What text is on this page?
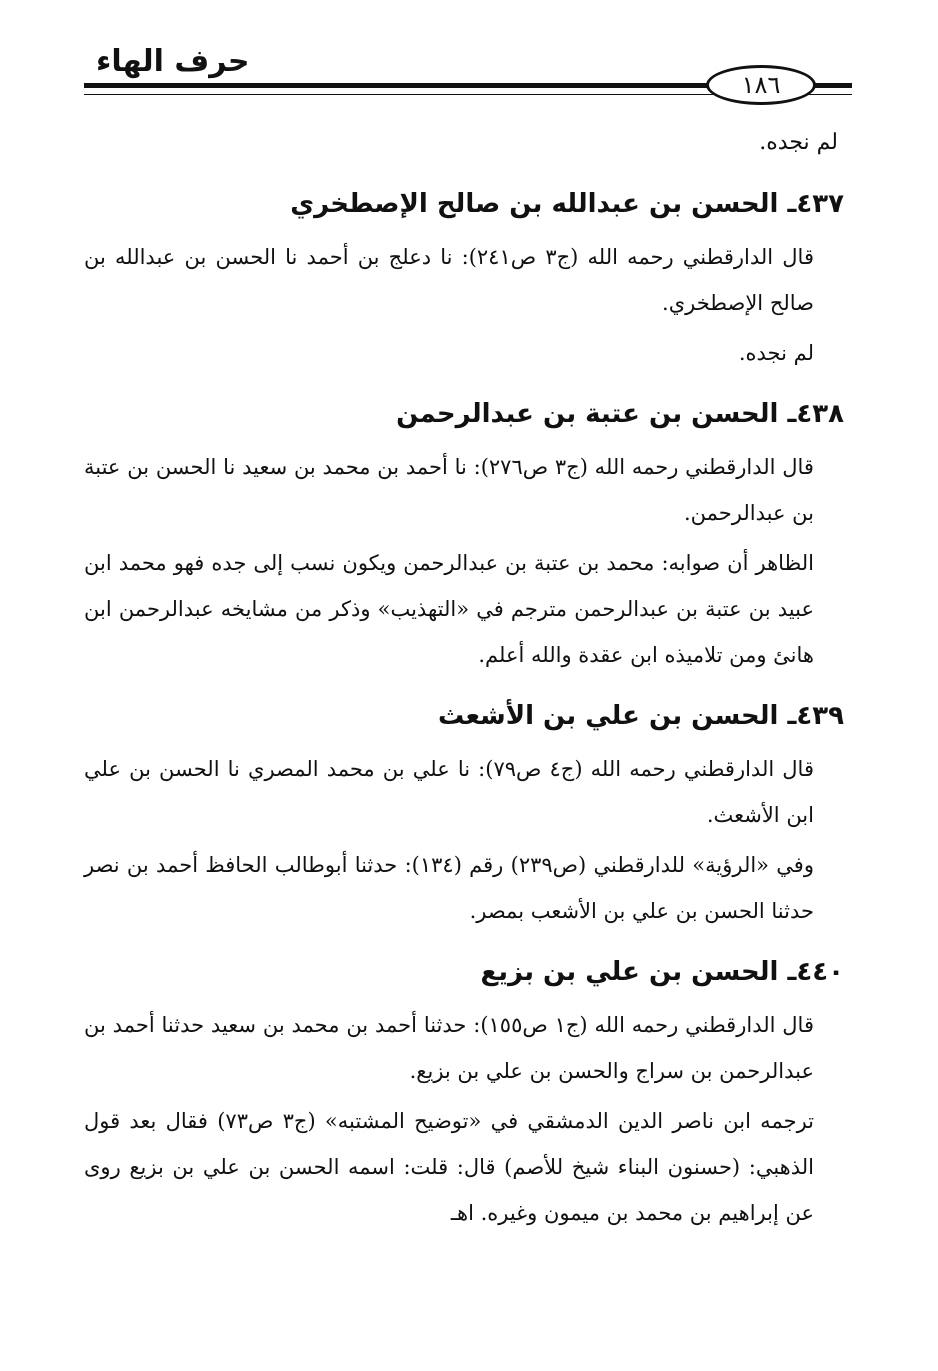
حرف الهاء
١٨٦

لم نجده.

٤٣٧ـ الحسن بن عبدالله بن صالح الإصطخري

قال الدارقطني رحمه الله (ج٣ ص٢٤١): نا دعلج بن أحمد نا الحسن بن عبدالله بن صالح الإصطخري.

لم نجده.

٤٣٨ـ الحسن بن عتبة بن عبدالرحمن

قال الدارقطني رحمه الله (ج٣ ص٢٧٦): نا أحمد بن محمد بن سعيد نا الحسن بن عتبة بن عبدالرحمن.

الظاهر أن صوابه: محمد بن عتبة بن عبدالرحمن ويكون نسب إلى جده فهو محمد ابن عبيد بن عتبة بن عبدالرحمن مترجم في «التهذيب» وذكر من مشايخه عبدالرحمن ابن هانئ ومن تلاميذه ابن عقدة والله أعلم.

٤٣٩ـ الحسن بن علي بن الأشعث

قال الدارقطني رحمه الله (ج٤ ص٧٩): نا علي بن محمد المصري نا الحسن بن علي ابن الأشعث.

وفي «الرؤية» للدارقطني (ص٢٣٩) رقم (١٣٤): حدثنا أبوطالب الحافظ أحمد بن نصر حدثنا الحسن بن علي بن الأشعب بمصر.

٤٤٠ـ الحسن بن علي بن بزيع

قال الدارقطني رحمه الله (ج١ ص١٥٥): حدثنا أحمد بن محمد بن سعيد حدثنا أحمد بن عبدالرحمن بن سراج والحسن بن علي بن بزيع.

ترجمه ابن ناصر الدين الدمشقي في «توضيح المشتبه» (ج٣ ص٧٣) فقال بعد قول الذهبي: (حسنون البناء شيخ للأصم) قال: قلت: اسمه الحسن بن علي بن بزيع روى عن إبراهيم بن محمد بن ميمون وغيره. اهـ
